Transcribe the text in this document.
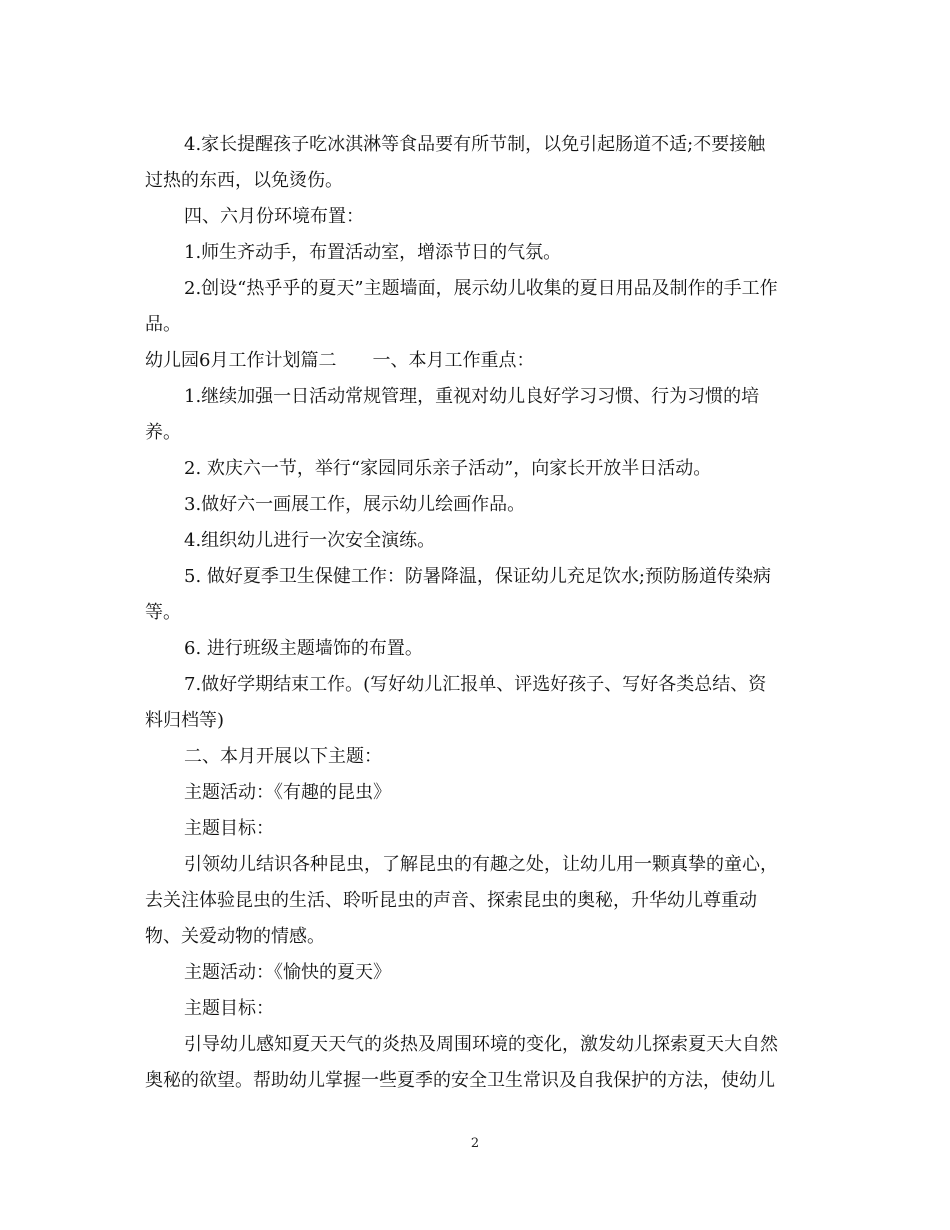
4.家长提醒孩子吃冰淇淋等食品要有所节制，以免引起肠道不适;不要接触
过热的东西，以免烫伤。
四、六月份环境布置：
1.师生齐动手，布置活动室，增添节日的气氛。
2.创设“热乎乎的夏天”主题墙面，展示幼儿收集的夏日用品及制作的手工作
品。
幼儿园6月工作计划篇二　　一、本月工作重点：
1.继续加强一日活动常规管理，重视对幼儿良好学习习惯、行为习惯的培
养。
2. 欢庆六一节，举行“家园同乐亲子活动”，向家长开放半日活动。
3.做好六一画展工作，展示幼儿绘画作品。
4.组织幼儿进行一次安全演练。
5. 做好夏季卫生保健工作：防暑降温，保证幼儿充足饮水;预防肠道传染病
等。
6. 进行班级主题墙饰的布置。
7.做好学期结束工作。(写好幼儿汇报单、评选好孩子、写好各类总结、资
料归档等)
二、本月开展以下主题：
主题活动：《有趣的昆虫》
主题目标：
引领幼儿结识各种昆虫，了解昆虫的有趣之处，让幼儿用一颗真挚的童心，
去关注体验昆虫的生活、聆听昆虫的声音、探索昆虫的奥秘，升华幼儿尊重动
物、关爱动物的情感。
主题活动：《愉快的夏天》
主题目标：
引导幼儿感知夏天天气的炎热及周围环境的变化，激发幼儿探索夏天大自然
奥秘的欲望。帮助幼儿掌握一些夏季的安全卫生常识及自我保护的方法，使幼儿
2
